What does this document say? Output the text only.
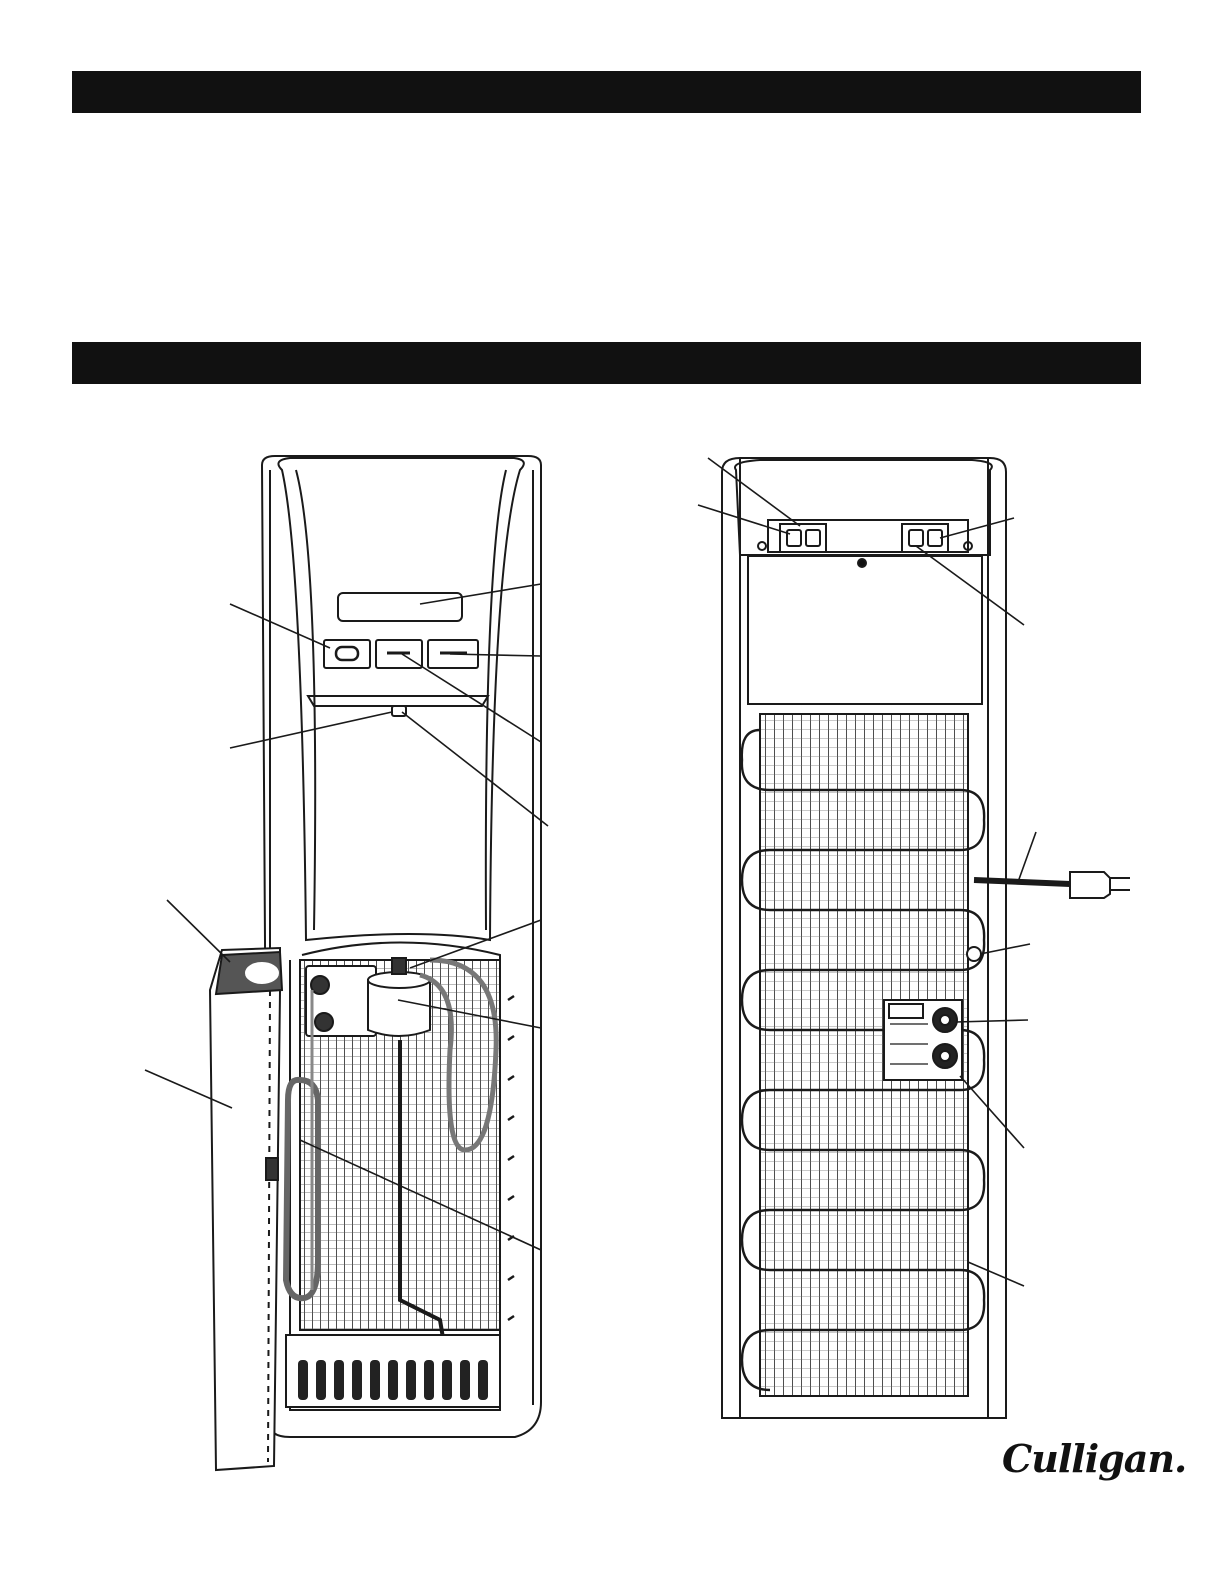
Culligan.
